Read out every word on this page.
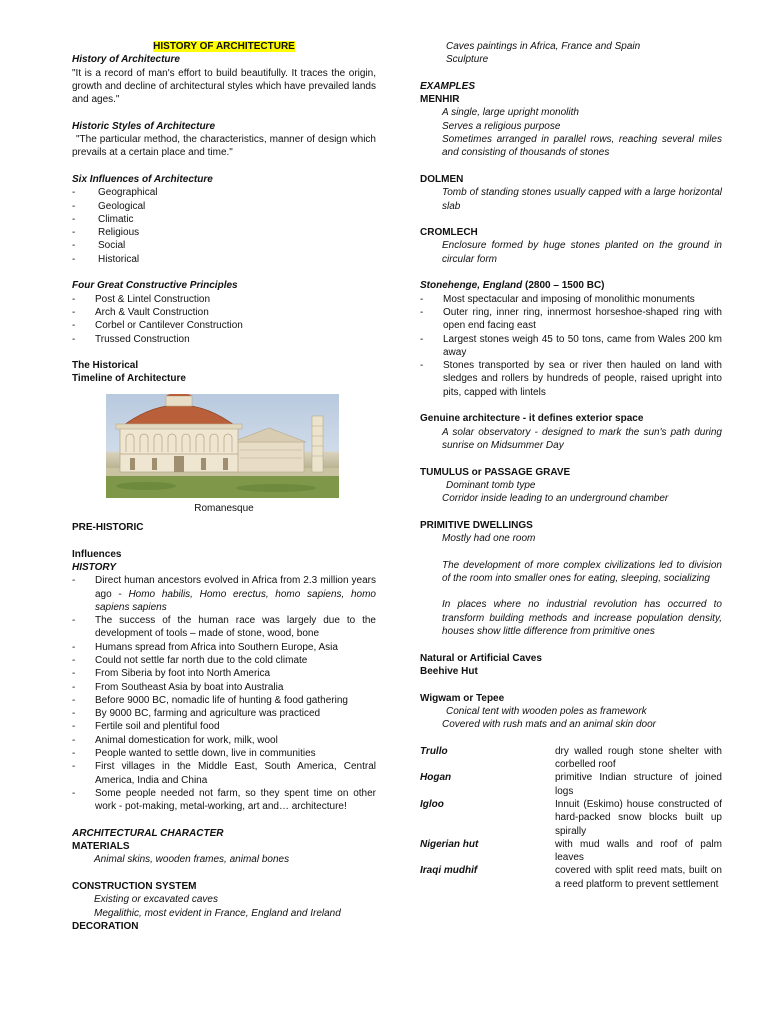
HISTORY OF ARCHITECTURE

History of Architecture

"It is a record of man's effort to build beautifully. It traces the origin, growth and decline of architectural styles which have prevailed lands and ages."

Historic Styles of Architecture

"The particular method, the characteristics, manner of design which prevails at a certain place and time."

Six Influences of Architecture

-	Geographical
-	Geological
-	Climatic
-	Religious
-	Social
-	Historical

Four Great Constructive Principles

-	Post & Lintel Construction
-	Arch & Vault Construction
-	Corbel or Cantilever Construction
-	Trussed Construction

The Historical

Timeline of Architecture

Romanesque

PRE-HISTORIC

Influences

HISTORY

-	Direct human ancestors evolved in Africa from 2.3 million years ago - Homo habilis, Homo erectus, homo sapiens, homo sapiens sapiens
-	The success of the human race was largely due to the development of tools – made of stone, wood, bone
-	Humans spread from Africa into Southern Europe, Asia
-	Could not settle far north due to the cold climate
-	From Siberia by foot into North America
-	From Southeast Asia by boat into Australia
-	Before 9000 BC, nomadic life of hunting & food gathering
-	By 9000 BC, farming and agriculture was practiced
-	Fertile soil and plentiful food
-	Animal domestication for work, milk, wool
-	People wanted to settle down, live in communities
-	First villages in the Middle East, South America, Central America, India and China
-	Some people needed not farm, so they spent time on other work - pot-making, metal-working, art and… architecture!

ARCHITECTURAL CHARACTER

MATERIALS

Animal skins, wooden frames, animal bones

CONSTRUCTION SYSTEM

Existing or excavated caves

Megalithic, most evident in France, England and Ireland

DECORATION

Caves paintings in Africa, France and Spain

Sculpture

EXAMPLES

MENHIR

A single, large upright monolith

Serves a religious purpose

Sometimes arranged in parallel rows, reaching several miles and consisting of thousands of stones

DOLMEN

Tomb of standing stones usually capped with a large horizontal slab

CROMLECH

Enclosure formed by huge stones planted on the ground in circular form

Stonehenge, England (2800 – 1500 BC)

-	Most spectacular and imposing of monolithic monuments
-	Outer ring, inner ring, innermost horseshoe-shaped ring with open end facing east
-	Largest stones weigh 45 to 50 tons, came from Wales 200 km away
-	Stones transported by sea or river then hauled on land with sledges and rollers by hundreds of people, raised upright into pits, capped with lintels

Genuine architecture - it defines exterior space

A solar observatory - designed to mark the sun's path during sunrise on Midsummer Day

TUMULUS or PASSAGE GRAVE

Dominant tomb type

Corridor inside leading to an underground chamber

PRIMITIVE DWELLINGS

Mostly had one room

The development of more complex civilizations led to division of the room into smaller ones for eating, sleeping, socializing

In places where no industrial revolution has occurred to transform building methods and increase population density, houses show little difference from primitive ones

Natural or Artificial Caves

Beehive Hut

Wigwam or Tepee

Conical tent with wooden poles as framework

Covered with rush mats and an animal skin door

Trullo	dry walled rough stone shelter with corbelled roof
Hogan	primitive Indian structure of joined logs
Igloo	Innuit (Eskimo) house constructed of hard-packed snow blocks built up spirally
Nigerian hut	with mud walls and roof of palm leaves
Iraqi mudhif	covered with split reed mats, built on a reed platform to prevent settlement
